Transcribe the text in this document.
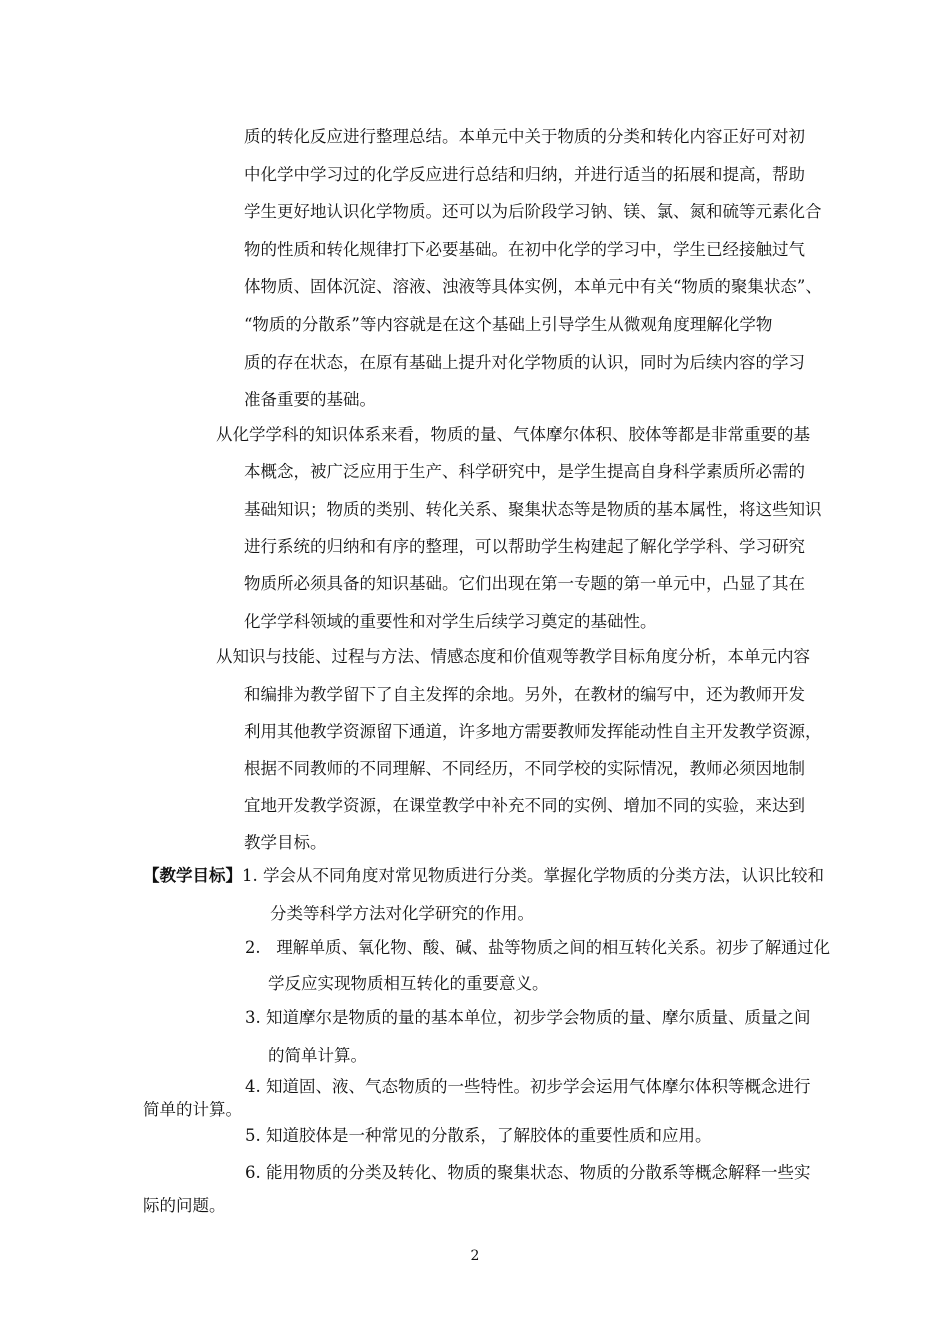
质的转化反应进行整理总结。本单元中关于物质的分类和转化内容正好可对初
中化学中学习过的化学反应进行总结和归纳，并进行适当的拓展和提高，帮助
学生更好地认识化学物质。还可以为后阶段学习钠、镁、氯、氮和硫等元素化合
物的性质和转化规律打下必要基础。在初中化学的学习中，学生已经接触过气
体物质、固体沉淀、溶液、浊液等具体实例，本单元中有关“物质的聚集状态”、
“物质的分散系”等内容就是在这个基础上引导学生从微观角度理解化学物
质的存在状态，在原有基础上提升对化学物质的认识，同时为后续内容的学习
准备重要的基础。
从化学学科的知识体系来看，物质的量、气体摩尔体积、胶体等都是非常重要的基
本概念，被广泛应用于生产、科学研究中，是学生提高自身科学素质所必需的
基础知识；物质的类别、转化关系、聚集状态等是物质的基本属性，将这些知识
进行系统的归纳和有序的整理，可以帮助学生构建起了解化学学科、学习研究
物质所必须具备的知识基础。它们出现在第一专题的第一单元中，凸显了其在
化学学科领域的重要性和对学生后续学习奠定的基础性。
从知识与技能、过程与方法、情感态度和价值观等教学目标角度分析，本单元内容
和编排为教学留下了自主发挥的余地。另外，在教材的编写中，还为教师开发
利用其他教学资源留下通道，许多地方需要教师发挥能动性自主开发教学资源，
根据不同教师的不同理解、不同经历，不同学校的实际情况，教师必须因地制
宜地开发教学资源，在课堂教学中补充不同的实例、增加不同的实验，来达到
教学目标。
【教学目标】1. 学会从不同角度对常见物质进行分类。掌握化学物质的分类方法，认识比较和
分类等科学方法对化学研究的作用。
2. 理解单质、氧化物、酸、碱、盐等物质之间的相互转化关系。初步了解通过化
学反应实现物质相互转化的重要意义。
3. 知道摩尔是物质的量的基本单位，初步学会物质的量、摩尔质量、质量之间
的简单计算。
4. 知道固、液、气态物质的一些特性。初步学会运用气体摩尔体积等概念进行
简单的计算。
5. 知道胶体是一种常见的分散系，了解胶体的重要性质和应用。
6. 能用物质的分类及转化、物质的聚集状态、物质的分散系等概念解释一些实
际的问题。
2
